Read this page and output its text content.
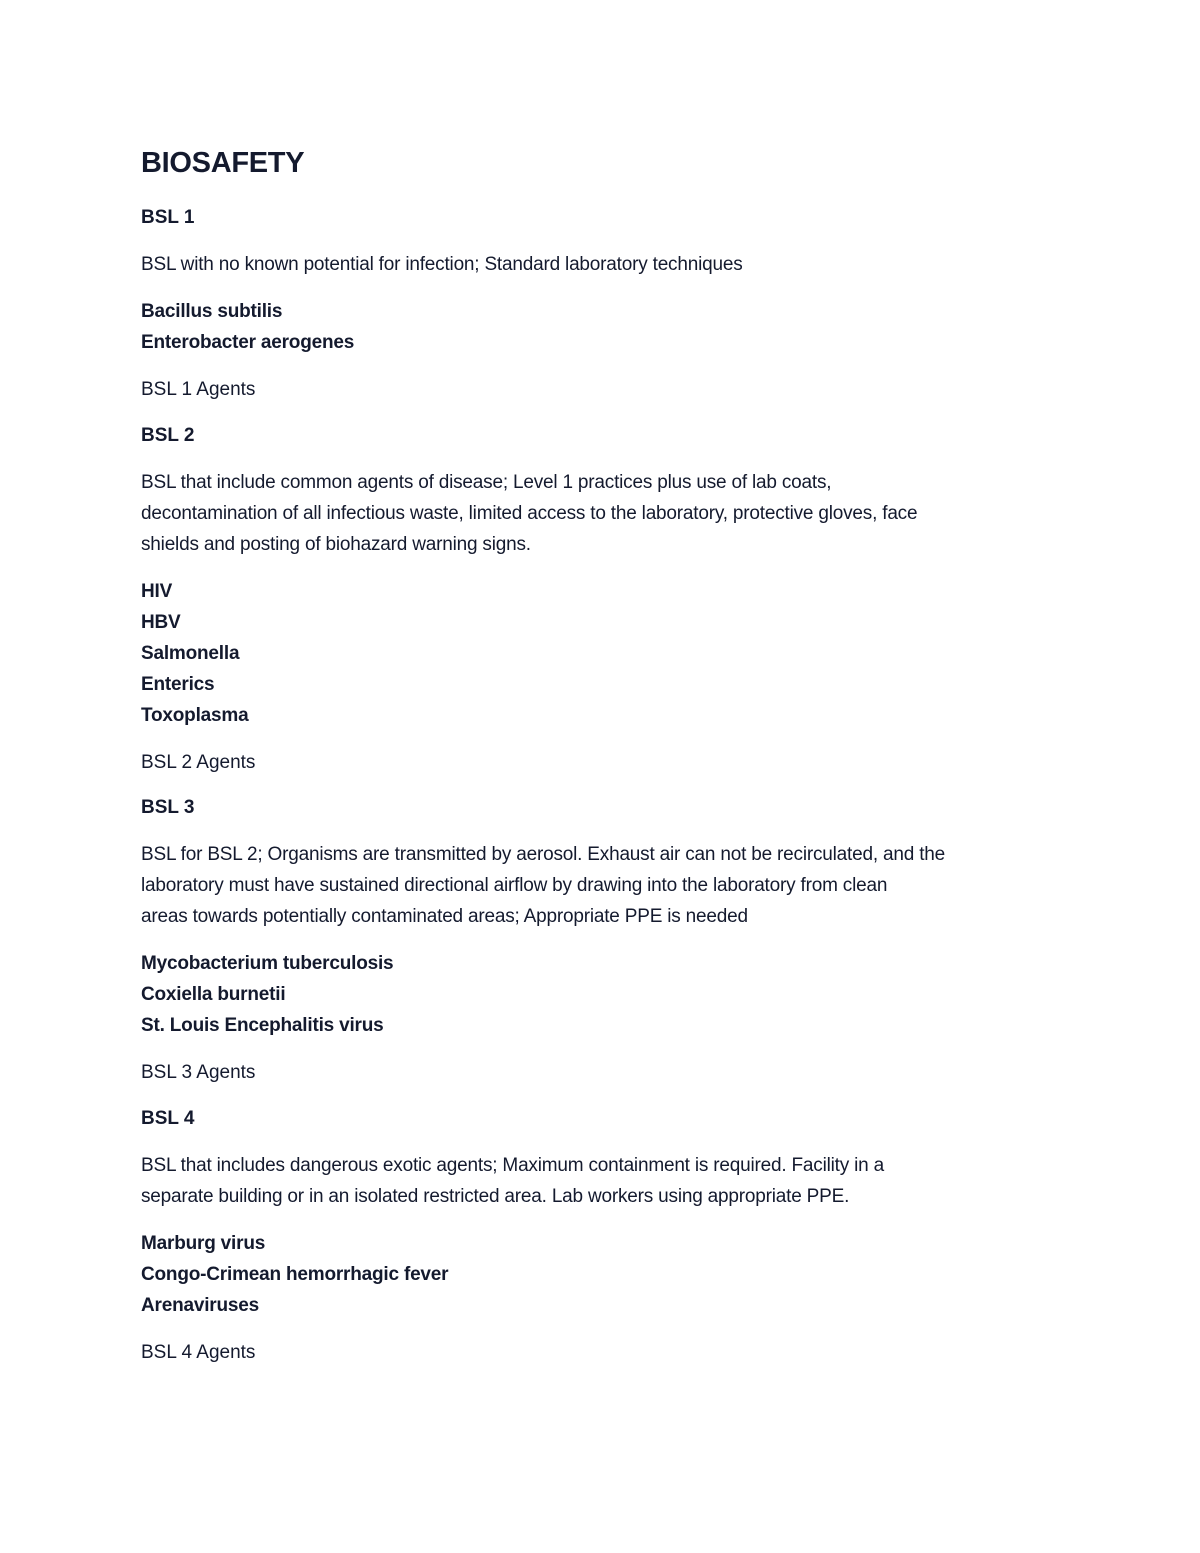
BIOSAFETY
BSL 1
BSL with no known potential for infection; Standard laboratory techniques
Bacillus subtilis
Enterobacter aerogenes
BSL 1 Agents
BSL 2
BSL that include common agents of disease; Level 1 practices plus use of lab coats,
decontamination of all infectious waste, limited access to the laboratory, protective gloves, face
shields and posting of biohazard warning signs.
HIV
HBV
Salmonella
Enterics
Toxoplasma
BSL 2 Agents
BSL 3
BSL for BSL 2; Organisms are transmitted by aerosol. Exhaust air can not be recirculated, and the
laboratory must have sustained directional airflow by drawing into the laboratory from clean
areas towards potentially contaminated areas; Appropriate PPE is needed
Mycobacterium tuberculosis
Coxiella burnetii
St. Louis Encephalitis virus
BSL 3 Agents
BSL 4
BSL that includes dangerous exotic agents; Maximum containment is required. Facility in a
separate building or in an isolated restricted area. Lab workers using appropriate PPE.
Marburg virus
Congo-Crimean hemorrhagic fever
Arenaviruses
BSL 4 Agents
